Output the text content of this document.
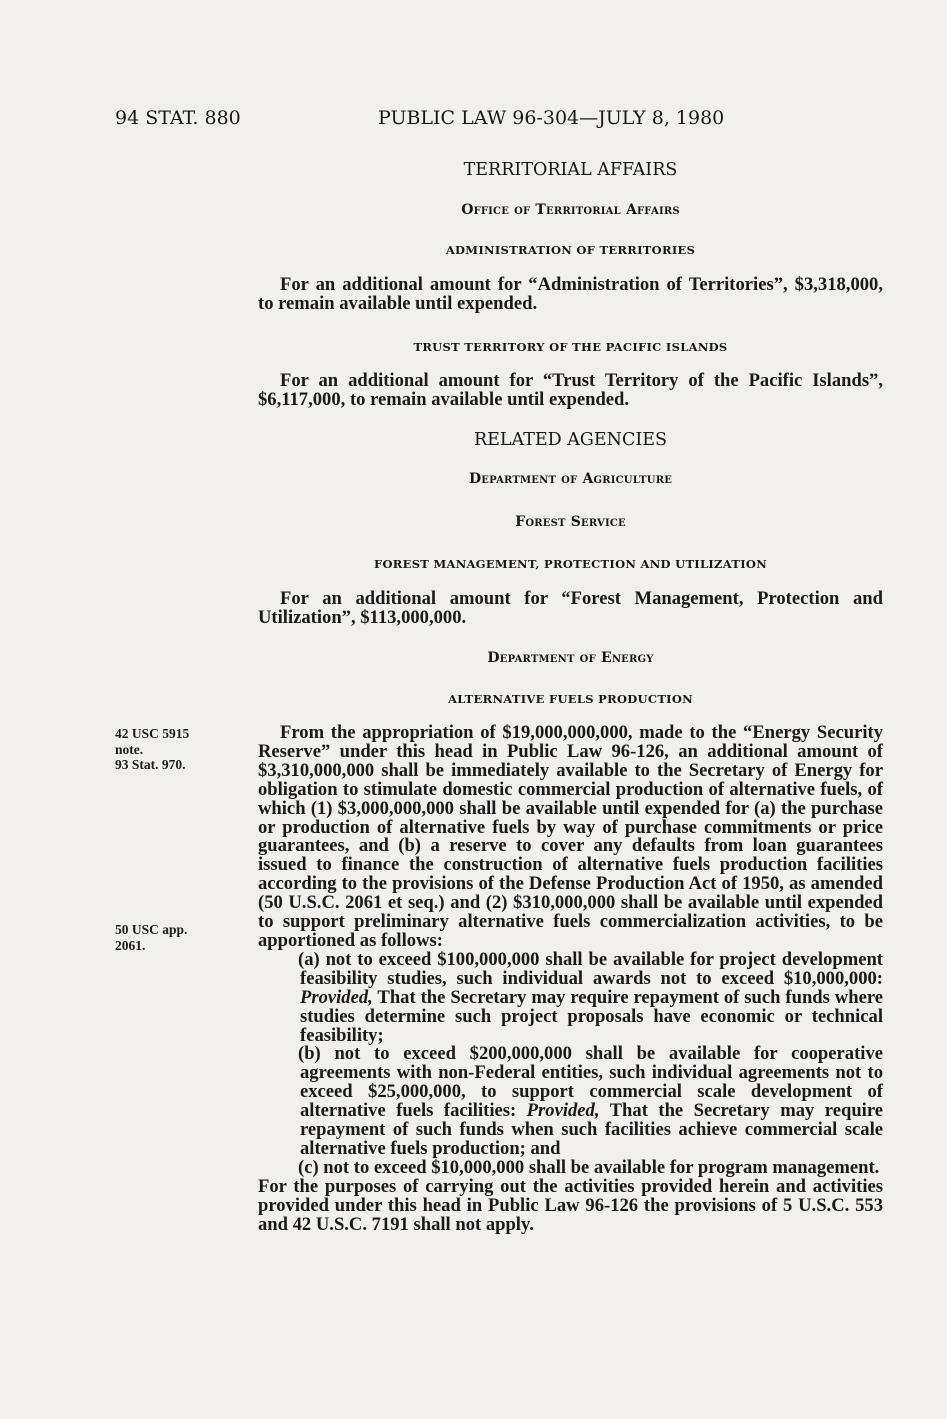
94 STAT. 880	PUBLIC LAW 96-304—JULY 8, 1980
TERRITORIAL AFFAIRS
Office of Territorial Affairs
ADMINISTRATION OF TERRITORIES

For an additional amount for “Administration of Territories”, $3,318,000, to remain available until expended.

TRUST TERRITORY OF THE PACIFIC ISLANDS

For an additional amount for “Trust Territory of the Pacific Islands”, $6,117,000, to remain available until expended.

RELATED AGENCIES
Department of Agriculture
Forest Service
FOREST MANAGEMENT, PROTECTION AND UTILIZATION

For an additional amount for “Forest Management, Protection and Utilization”, $113,000,000.

Department of Energy
ALTERNATIVE FUELS PRODUCTION
42 USC 5915
note.
93 Stat. 970.
50 USC app.
2061.

From the appropriation of $19,000,000,000, made to the “Energy Security Reserve” under this head in Public Law 96-126, an additional amount of $3,310,000,000 shall be immediately available to the Secretary of Energy for obligation to stimulate domestic commercial production of alternative fuels, of which (1) $3,000,000,000 shall be available until expended for (a) the purchase or production of alternative fuels by way of purchase commitments or price guarantees, and (b) a reserve to cover any defaults from loan guarantees issued to finance the construction of alternative fuels production facilities according to the provisions of the Defense Production Act of 1950, as amended (50 U.S.C. 2061 et seq.) and (2) $310,000,000 shall be available until expended to support preliminary alternative fuels commercialization activities, to be apportioned as follows:

(a) not to exceed $100,000,000 shall be available for project development feasibility studies, such individual awards not to exceed $10,000,000: Provided, That the Secretary may require repayment of such funds where studies determine such project proposals have economic or technical feasibility;

(b) not to exceed $200,000,000 shall be available for cooperative agreements with non-Federal entities, such individual agreements not to exceed $25,000,000, to support commercial scale development of alternative fuels facilities: Provided, That the Secretary may require repayment of such funds when such facilities achieve commercial scale alternative fuels production; and

(c) not to exceed $10,000,000 shall be available for program management.

For the purposes of carrying out the activities provided herein and activities provided under this head in Public Law 96-126 the provisions of 5 U.S.C. 553 and 42 U.S.C. 7191 shall not apply.
